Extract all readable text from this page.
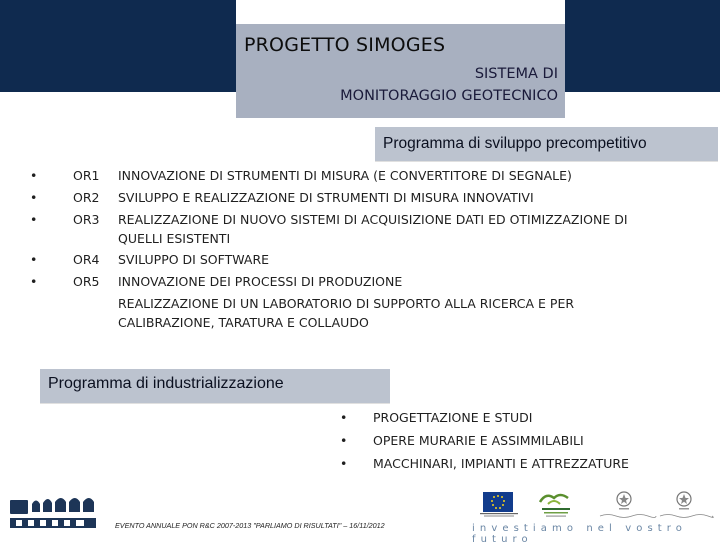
PROGETTO SIMOGES
SISTEMA DI
MONITORAGGIO GEOTECNICO
Programma di sviluppo precompetitivo
•	OR1 INNOVAZIONE DI STRUMENTI DI MISURA (E CONVERTITORE DI SEGNALE)
•	OR2 SVILUPPO E REALIZZAZIONE DI STRUMENTI DI MISURA INNOVATIVI
•	OR3 REALIZZAZIONE DI NUOVO SISTEMI DI ACQUISIZIONE DATI ED OTIMIZZAZIONE DI QUELLI ESISTENTI
•	OR4 SVILUPPO DI SOFTWARE
•	OR5 INNOVAZIONE DEI PROCESSI DI PRODUZIONE
REALIZZAZIONE DI UN LABORATORIO DI SUPPORTO ALLA RICERCA E PER CALIBRAZIONE, TARATURA E COLLAUDO
Programma di industrializzazione
• PROGETTAZIONE E STUDI
• OPERE MURARIE E ASSIMMILABILI
• MACCHINARI, IMPIANTI E ATTREZZATURE
EVENTO ANNUALE PON R&C 2007-2013 "PARLIAMO DI RISULTATI" – 16/11/2012	investiamo nel vostro futuro
